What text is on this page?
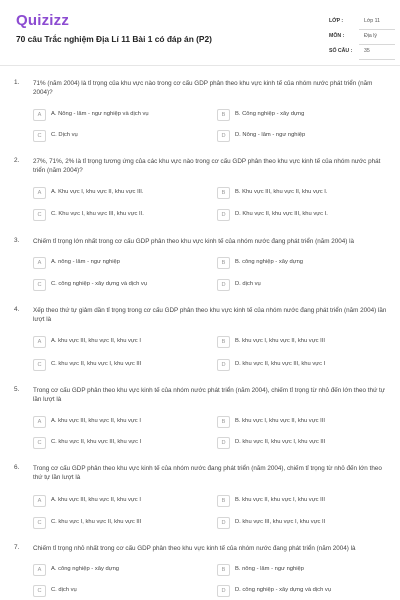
Quizizz
70 câu Trắc nghiệm Địa Lí 11 Bài 1 có đáp án (P2)
LỚP :	Lớp 11
MÔN :	Địa lý
SỐ CÂU : 35
1. 71% (năm 2004) là tỉ trọng của khu vực nào trong cơ cấu GDP phân theo khu vực kinh tế của nhóm nước phát triển (năm 2004)?
A	A. Nông - lâm - ngư nghiệp và dịch vụ	B	B. Công nghiệp - xây dựng
C	C. Dịch vụ	D	D. Nông - lâm - ngư nghiệp
2. 27%, 71%, 2% là tỉ trọng tương ứng của các khu vực nào trong cơ cấu GDP phân theo khu vực kinh tế của nhóm nước phát triển (năm 2004)?
A	A. Khu vực I, khu vực II, khu vực III.	B	B. Khu vực III, khu vực II, khu vực I.
C	C. Khu vực I, khu vực III, khu vực II.	D	D. Khu vực II, khu vực III, khu vực I.
3. Chiếm tỉ trọng lớn nhất trong cơ cấu GDP phân theo khu vực kinh tế của nhóm nước đang phát triển (năm 2004) là
A	A. nông - lâm - ngư nghiệp	B	B. công nghiệp - xây dựng
C	C. công nghiệp - xây dựng và dịch vụ	D	D. dịch vụ
4. Xếp theo thứ tự giảm dần tỉ trọng trong cơ cấu GDP phân theo khu vực kinh tế của nhóm nước đang phát triển (năm 2004) lần lượt là
A	A. khu vực III, khu vực II, khu vực I	B	B. khu vực I, khu vực II, khu vực III
C	C. khu vực II, khu vực I, khu vực III	D	D. khu vực II, khu vực III, khu vực I
5. Trong cơ cấu GDP phân theo khu vực kinh tế của nhóm nước phát triển (năm 2004), chiếm tỉ trọng từ nhỏ đến lớn theo thứ tự lần lượt là
A	A. khu vực III, khu vực II, khu vực I	B	B. khu vực I, khu vực II, khu vực III
C	C. khu vực II, khu vực III, khu vực I	D	D. khu vực II, khu vực I, khu vực III
6. Trong cơ cấu GDP phân theo khu vực kinh tế của nhóm nước đang phát triển (năm 2004), chiếm tỉ trọng từ nhỏ đến lớn theo thứ tự lần lượt là
A	A. khu vực III, khu vực II, khu vực I	B	B. khu vực II, khu vực I, khu vực III
C	C. khu vực I, khu vực II, khu vực III	D	D. khu vực III, khu vực I, khu vực II
7. Chiếm tỉ trọng nhỏ nhất trong cơ cấu GDP phân theo khu vực kinh tế của nhóm nước đang phát triển (năm 2004) là
A	A. công nghiệp - xây dựng	B	B. nông - lâm - ngư nghiệp
C	C. dịch vụ	D	D. công nghiệp - xây dựng và dịch vụ
